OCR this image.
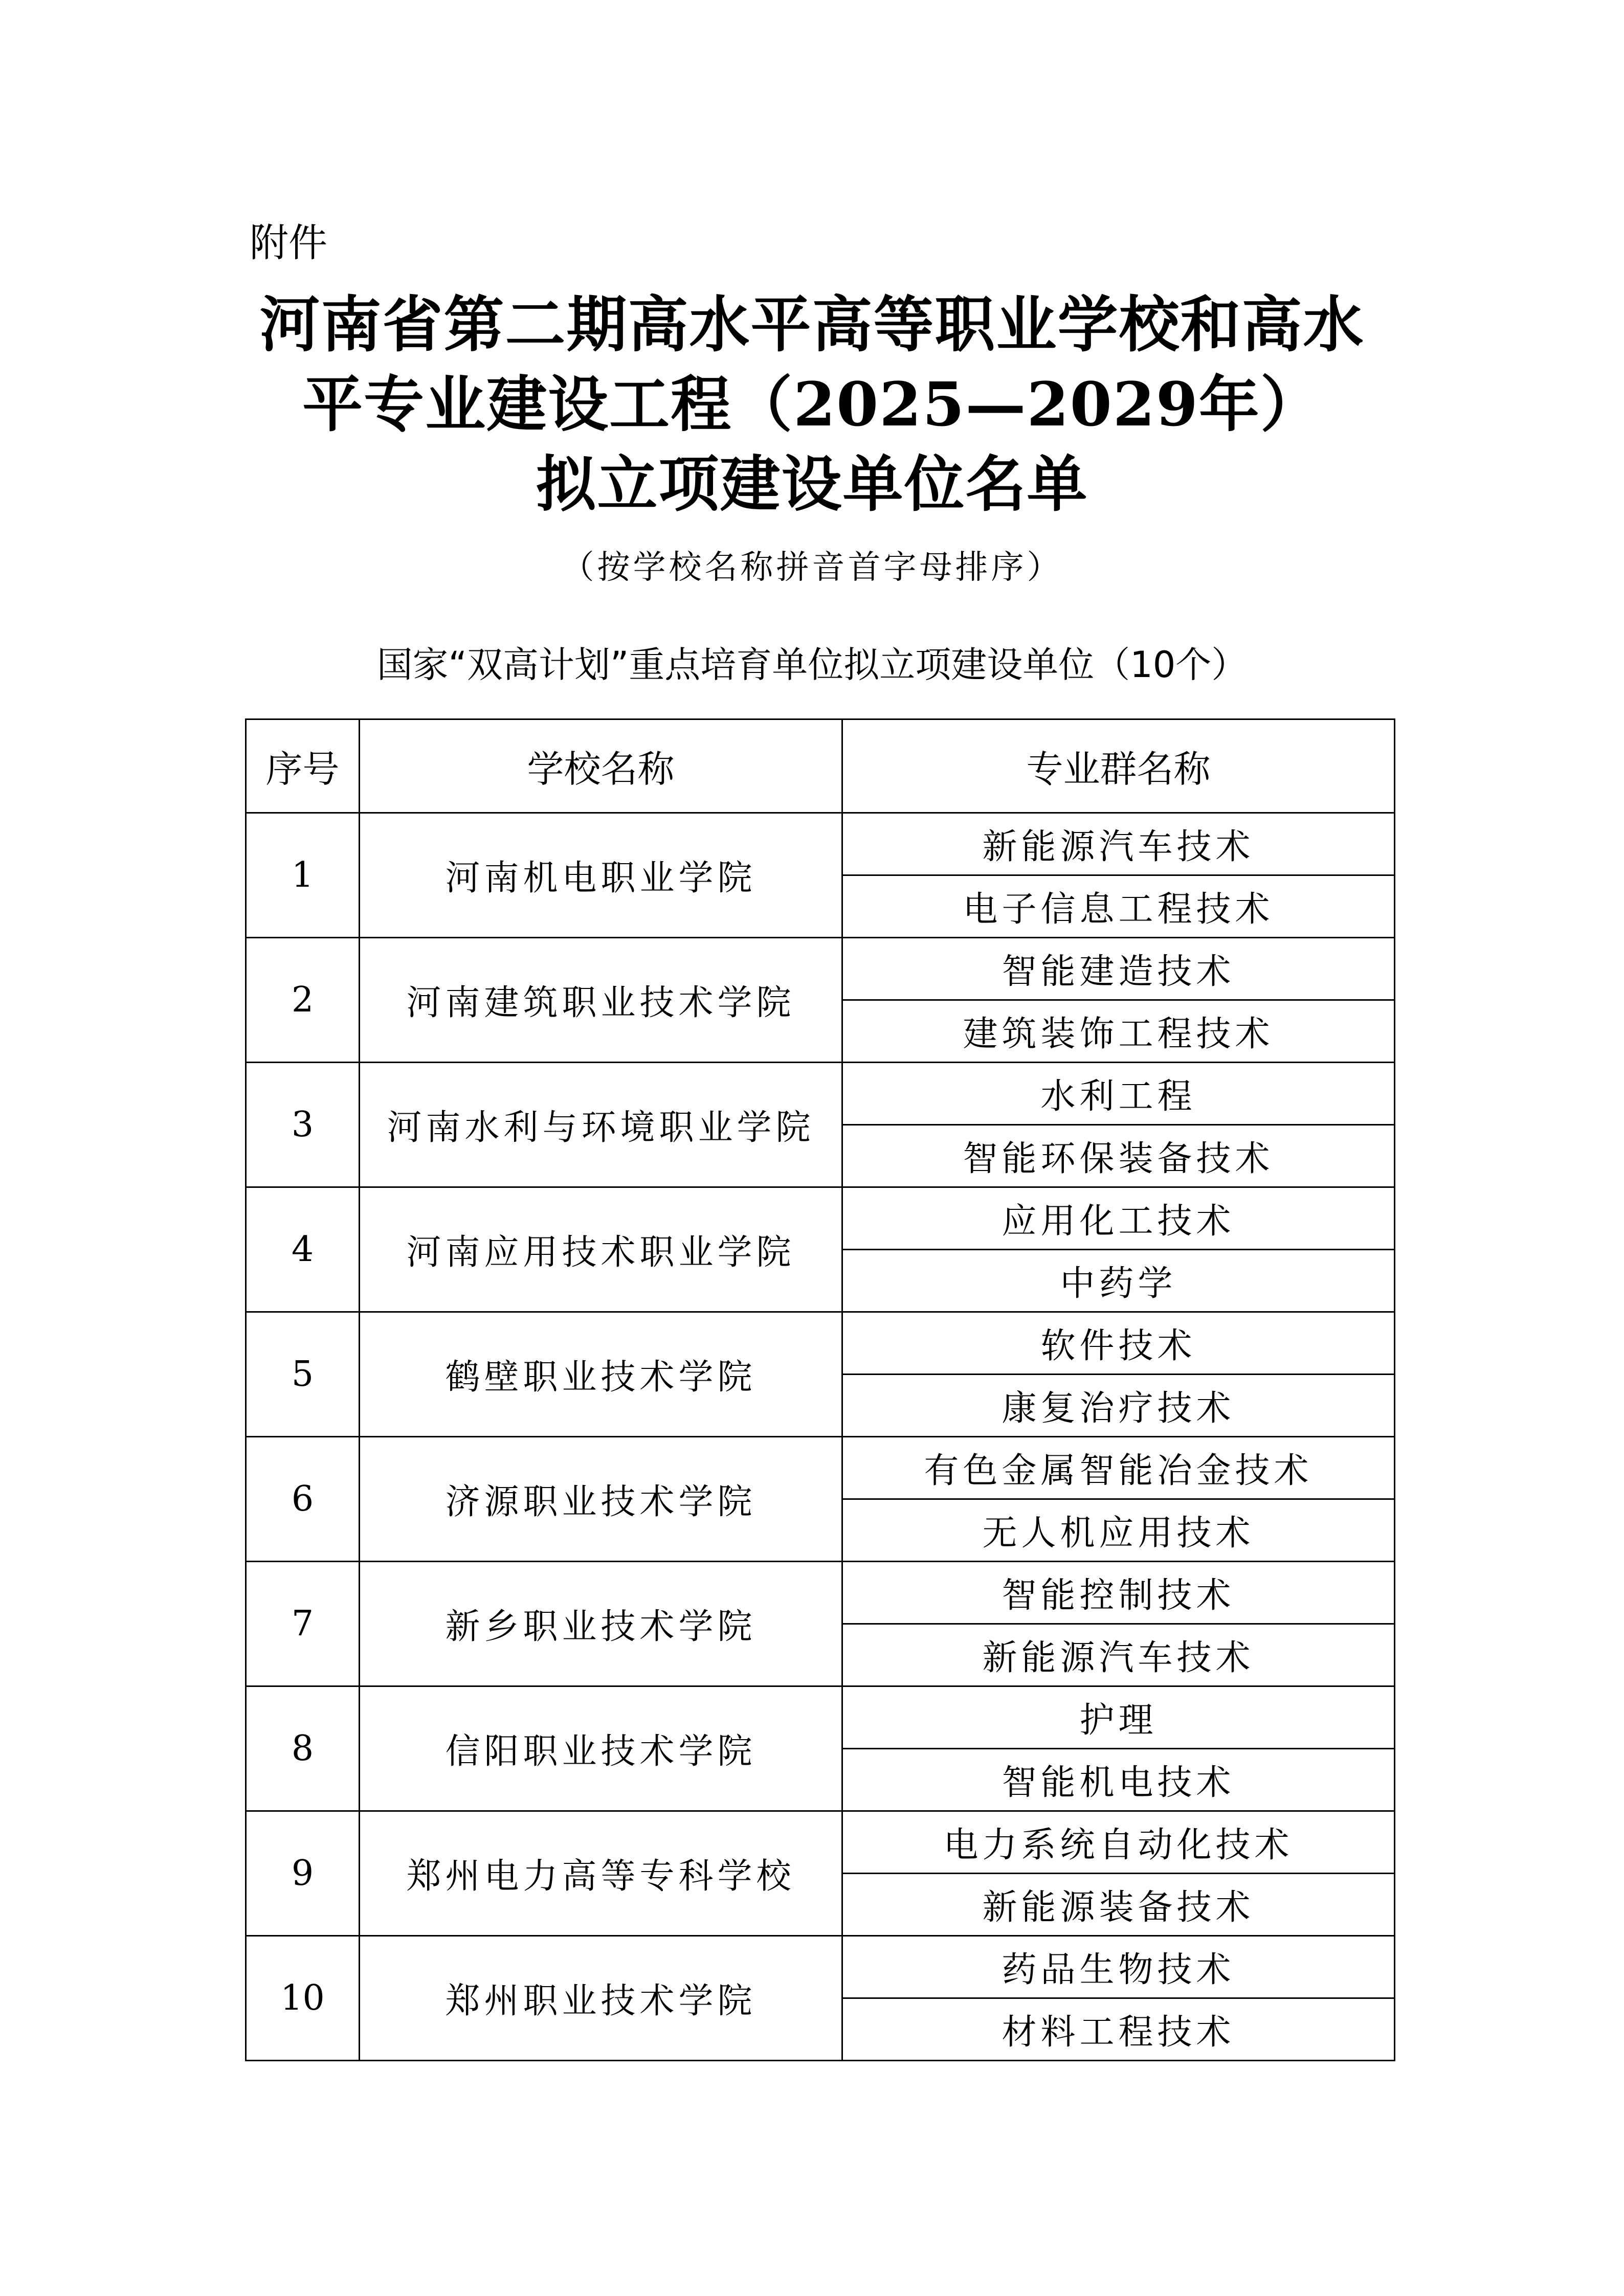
附件
河南省第二期高水平高等职业学校和高水
平专业建设工程（2025—2029年）
拟立项建设单位名单
（按学校名称拼音首字母排序）
国家“双高计划”重点培育单位拟立项建设单位（10个）
序号	学校名称	专业群名称
1	河南机电职业学院	新能源汽车技术
		电子信息工程技术
2	河南建筑职业技术学院	智能建造技术
		建筑装饰工程技术
3	河南水利与环境职业学院	水利工程
		智能环保装备技术
4	河南应用技术职业学院	应用化工技术
		中药学
5	鹤壁职业技术学院	软件技术
		康复治疗技术
6	济源职业技术学院	有色金属智能冶金技术
		无人机应用技术
7	新乡职业技术学院	智能控制技术
		新能源汽车技术
8	信阳职业技术学院	护理
		智能机电技术
9	郑州电力高等专科学校	电力系统自动化技术
		新能源装备技术
10	郑州职业技术学院	药品生物技术
		材料工程技术
